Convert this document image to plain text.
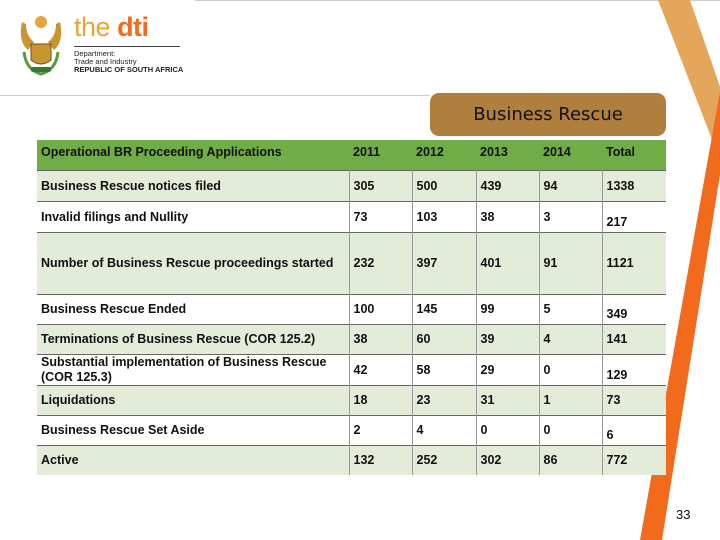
the dti
Department:
Trade and Industry
REPUBLIC OF SOUTH AFRICA
Business Rescue
Operational BR Proceeding Applications	2011	2012	2013	2014	Total
Business Rescue notices filed	305	500	439	94	1338
Invalid filings and Nullity	73	103	38	3	217
Number of Business Rescue proceedings started	232	397	401	91	1121
Business Rescue Ended	100	145	99	5	349
Terminations of Business Rescue (COR 125.2)	38	60	39	4	141
Substantial implementation of Business Rescue (COR 125.3)	42	58	29	0	129
Liquidations	18	23	31	1	73
Business Rescue Set Aside	2	4	0	0	6
Active	132	252	302	86	772
33
